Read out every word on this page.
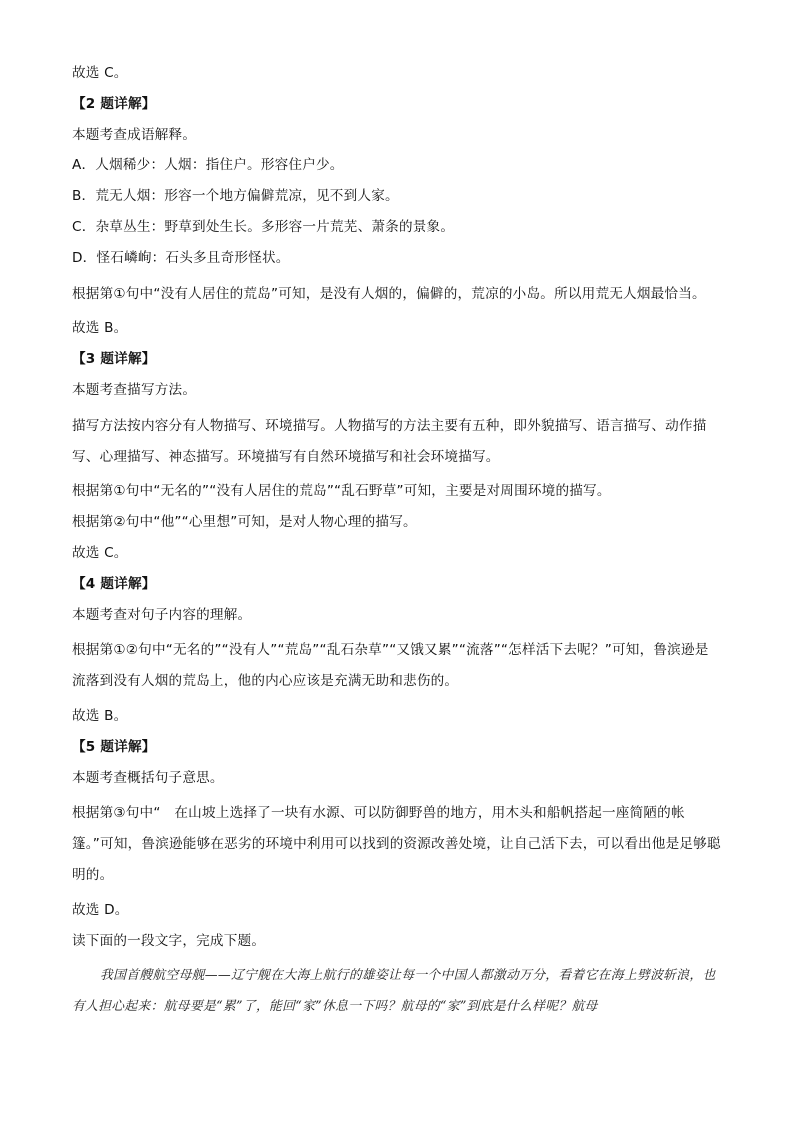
故选 C。
【2 题详解】
本题考查成语解释。
A．人烟稀少：人烟：指住户。形容住户少。
B．荒无人烟：形容一个地方偏僻荒凉，见不到人家。
C．杂草丛生：野草到处生长。多形容一片荒芜、萧条的景象。
D．怪石嶙峋：石头多且奇形怪状。
根据第①句中“没有人居住的荒岛”可知，是没有人烟的，偏僻的，荒凉的小岛。所以用荒无人烟最恰当。
故选 B。
【3 题详解】
本题考查描写方法。
描写方法按内容分有人物描写、环境描写。人物描写的方法主要有五种，即外貌描写、语言描写、动作描写、心理描写、神态描写。环境描写有自然环境描写和社会环境描写。
根据第①句中“无名的”“没有人居住的荒岛”“乱石野草”可知，主要是对周围环境的描写。
根据第②句中“他”“心里想”可知，是对人物心理的描写。
故选 C。
【4 题详解】
本题考查对句子内容的理解。
根据第①②句中“无名的”“没有人”“荒岛”“乱石杂草”“又饿又累”“流落”“怎样活下去呢？”可知，鲁滨逊是流落到没有人烟的荒岛上，他的内心应该是充满无助和悲伤的。
故选 B。
【5 题详解】
本题考查概括句子意思。
根据第③句中“　在山坡上选择了一块有水源、可以防御野兽的地方，用木头和船帆搭起一座简陋的帐篷。”可知，鲁滨逊能够在恶劣的环境中利用可以找到的资源改善处境，让自己活下去，可以看出他是足够聪明的。
故选 D。
读下面的一段文字，完成下题。
我国首艘航空母舰——辽宁舰在大海上航行的雄姿让每一个中国人都激动万分，看着它在海上劈波斩浪，也有人担心起来：航母要是“累”了，能回“家”休息一下吗？航母的“家”到底是什么样呢？航母
